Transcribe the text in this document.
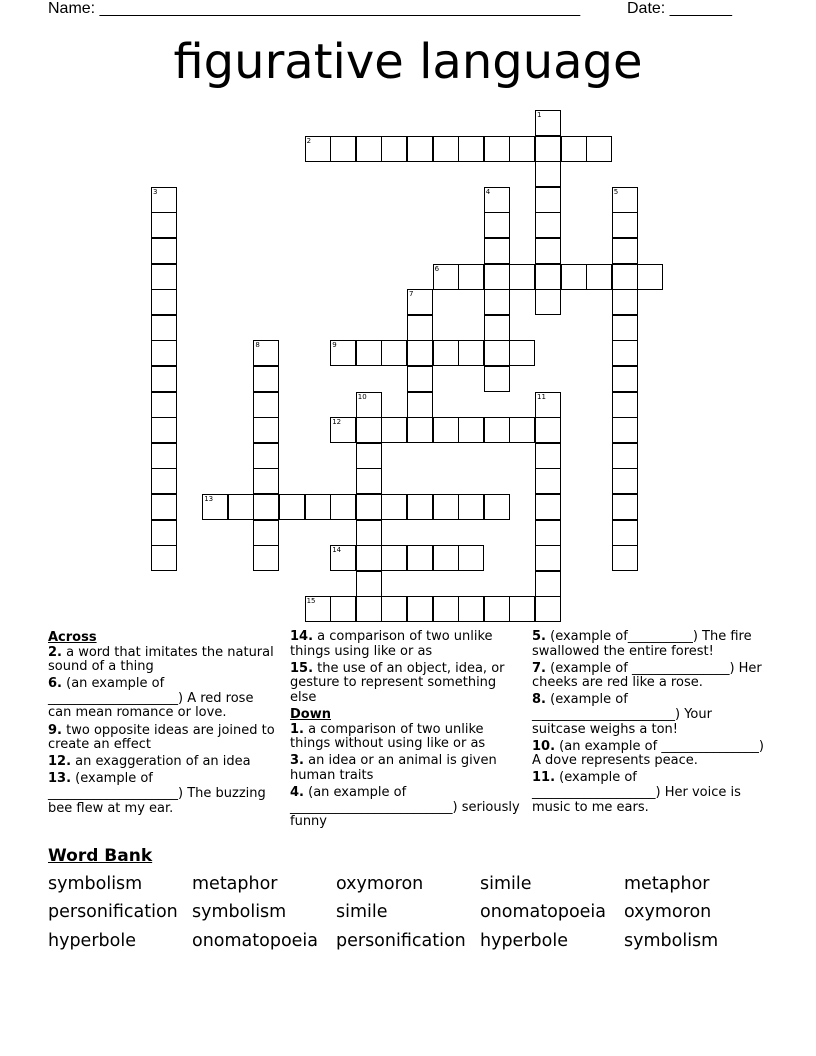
Name: ______________________________________________________	Date: _______
figurative language
2
6
9
12
13
14
15
1
3	4	5
7
8
10	11
Across
2. a word that imitates the natural sound of a thing
6. (an example of ____________________) A red rose can mean romance or love.
9. two opposite ideas are joined to create an effect
12. an exaggeration of an idea
13. (example of ____________________) The buzzing bee flew at my ear.
14. a comparison of two unlike things using like or as
15. the use of an object, idea, or gesture to represent something else
Down
1. a comparison of two unlike things without using like or as
3. an idea or an animal is given human traits
4. (an example of _________________________) seriously funny
5. (example of__________) The fire swallowed the entire forest!
7. (example of _______________) Her cheeks are red like a rose.
8. (example of ______________________) Your suitcase weighs a ton!
10. (an example of _______________) A dove represents peace.
11. (example of ___________________) Her voice is music to me ears.
Word Bank
symbolism	metaphor	oxymoron	simile	metaphor
personification symbolism	simile	onomatopoeia oxymoron
hyperbole	onomatopoeia personification hyperbole	symbolism
